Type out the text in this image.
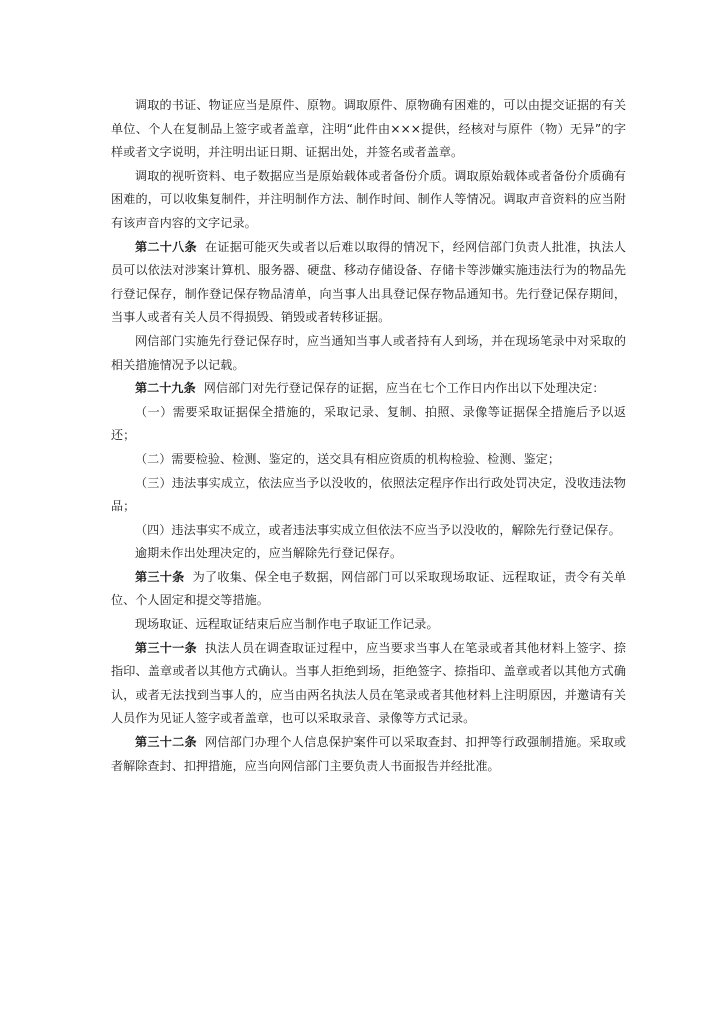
调取的书证、物证应当是原件、原物。调取原件、原物确有困难的，可以由提交证据的有关单位、个人在复制品上签字或者盖章，注明“此件由×××提供，经核对与原件（物）无异”的字样或者文字说明，并注明出证日期、证据出处，并签名或者盖章。

调取的视听资料、电子数据应当是原始载体或者备份介质。调取原始载体或者备份介质确有困难的，可以收集复制件，并注明制作方法、制作时间、制作人等情况。调取声音资料的应当附有该声音内容的文字记录。

第二十八条 在证据可能灭失或者以后难以取得的情况下，经网信部门负责人批准，执法人员可以依法对涉案计算机、服务器、硬盘、移动存储设备、存储卡等涉嫌实施违法行为的物品先行登记保存，制作登记保存物品清单，向当事人出具登记保存物品通知书。先行登记保存期间，当事人或者有关人员不得损毁、销毁或者转移证据。

网信部门实施先行登记保存时，应当通知当事人或者持有人到场，并在现场笔录中对采取的相关措施情况予以记载。

第二十九条 网信部门对先行登记保存的证据，应当在七个工作日内作出以下处理决定：

（一）需要采取证据保全措施的，采取记录、复制、拍照、录像等证据保全措施后予以返还；

（二）需要检验、检测、鉴定的，送交具有相应资质的机构检验、检测、鉴定；

（三）违法事实成立，依法应当予以没收的，依照法定程序作出行政处罚决定，没收违法物品；

（四）违法事实不成立，或者违法事实成立但依法不应当予以没收的，解除先行登记保存。

逾期未作出处理决定的，应当解除先行登记保存。

第三十条 为了收集、保全电子数据，网信部门可以采取现场取证、远程取证，责令有关单位、个人固定和提交等措施。

现场取证、远程取证结束后应当制作电子取证工作记录。

第三十一条 执法人员在调查取证过程中，应当要求当事人在笔录或者其他材料上签字、捺指印、盖章或者以其他方式确认。当事人拒绝到场，拒绝签字、捺指印、盖章或者以其他方式确认，或者无法找到当事人的，应当由两名执法人员在笔录或者其他材料上注明原因，并邀请有关人员作为见证人签字或者盖章，也可以采取录音、录像等方式记录。

第三十二条 网信部门办理个人信息保护案件可以采取查封、扣押等行政强制措施。采取或者解除查封、扣押措施，应当向网信部门主要负责人书面报告并经批准。
